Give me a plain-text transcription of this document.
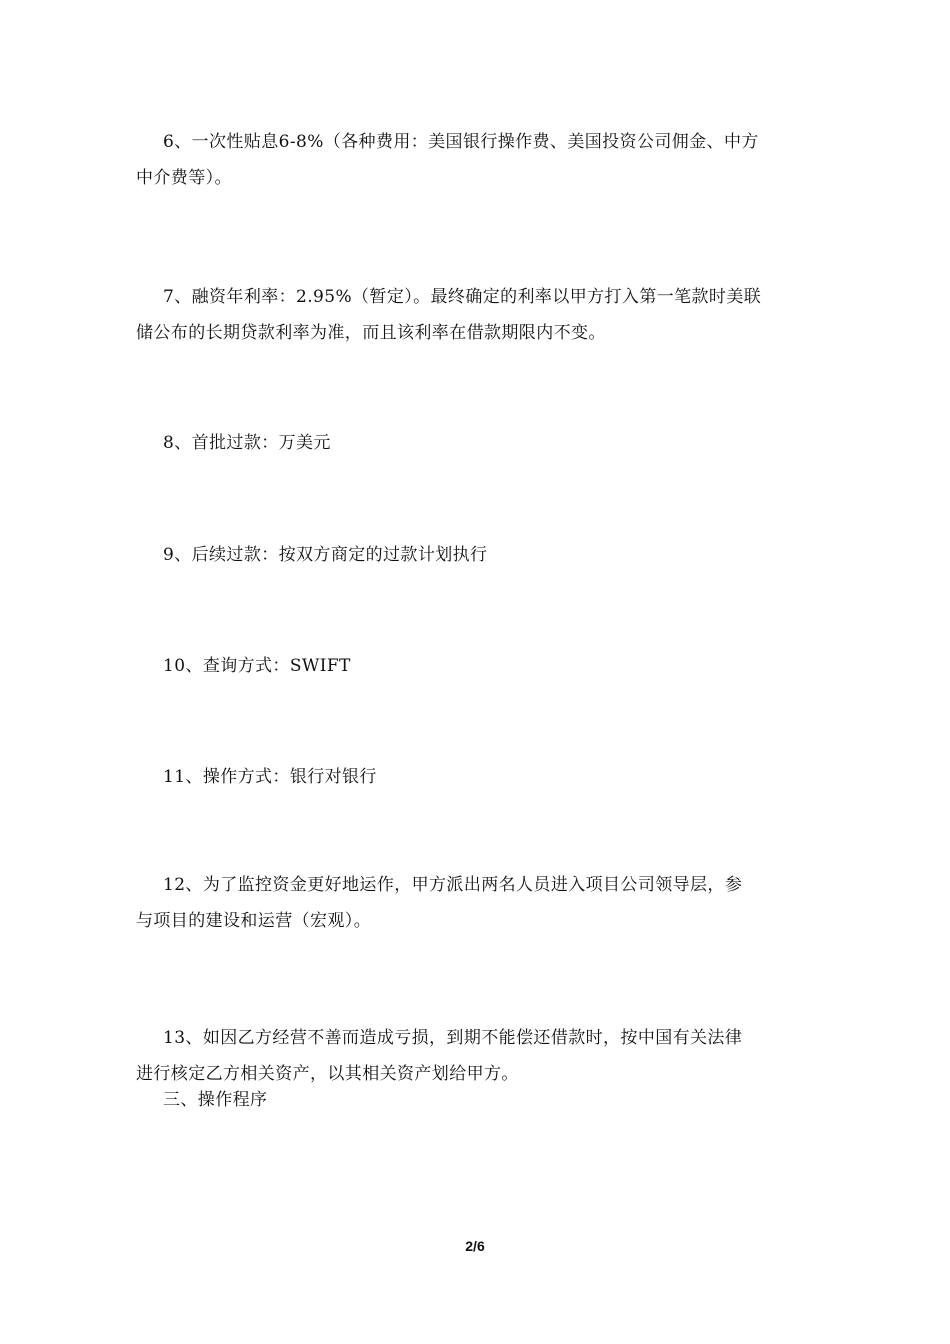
6、一次性贴息6-8%（各种费用：美国银行操作费、美国投资公司佣金、中方
中介费等）。

7、融资年利率：2.95%（暂定）。最终确定的利率以甲方打入第一笔款时美联
储公布的长期贷款利率为准，而且该利率在借款期限内不变。

8、首批过款：万美元

9、后续过款：按双方商定的过款计划执行

10、查询方式：SWIFT

11、操作方式：银行对银行

12、为了监控资金更好地运作，甲方派出两名人员进入项目公司领导层，参
与项目的建设和运营（宏观）。

13、如因乙方经营不善而造成亏损，到期不能偿还借款时，按中国有关法律
进行核定乙方相关资产，以其相关资产划给甲方。
三、操作程序

2/6
